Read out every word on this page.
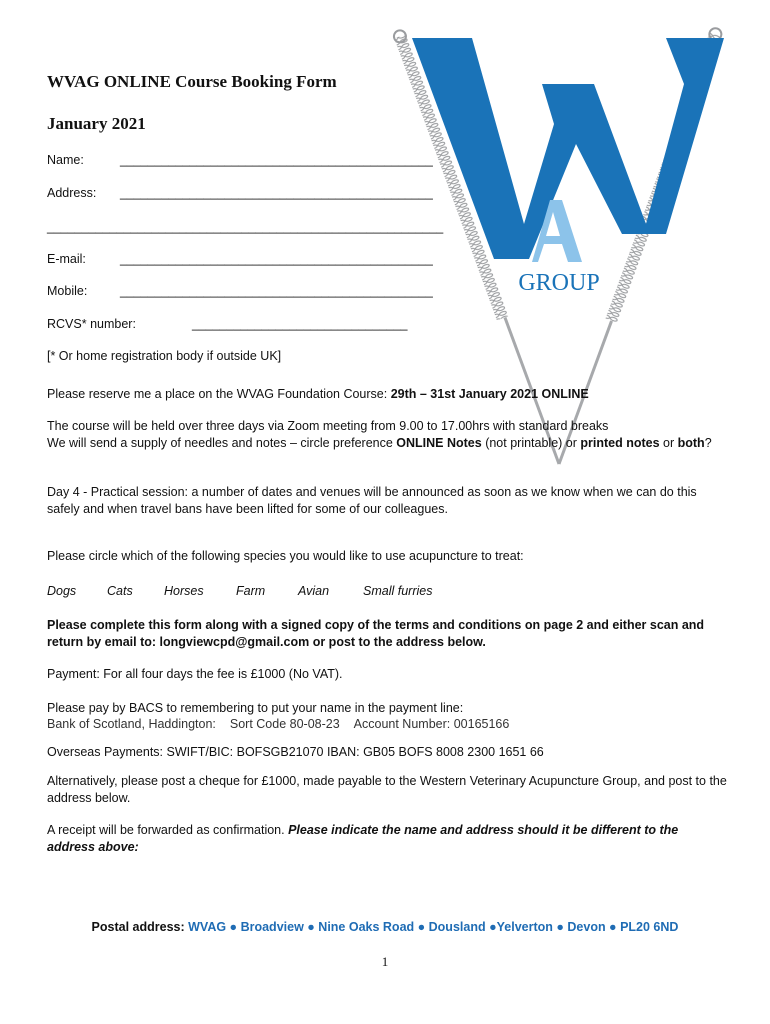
GROUP
WVAG ONLINE Course Booking Form
January 2021
Name:	_____________________________________________
Address: _____________________________________________
_________________________________________________________
E-mail:	_____________________________________________
Mobile:	_____________________________________________
RCVS* number:	_______________________________
[* Or home registration body if outside UK]
Please reserve me a place on the WVAG Foundation Course: 29th – 31st January 2021 ONLINE
The course will be held over three days via Zoom meeting from 9.00 to 17.00hrs with standard breaks
We will send a supply of needles and notes – circle preference ONLINE Notes (not printable) or printed notes or both?
Day 4 - Practical session: a number of dates and venues will be announced as soon as we know when we can do this safely and when travel bans have been lifted for some of our colleagues.
Please circle which of the following species you would like to use acupuncture to treat:
Dogs Cats	Horses	Farm	Avian	Small furries
Please complete this form along with a signed copy of the terms and conditions on page 2 and either scan and return by email to: longviewcpd@gmail.com or post to the address below.
Payment: For all four days the fee is £1000 (No VAT).
Please pay by BACS to remembering to put your name in the payment line:
Bank of Scotland, Haddington: Sort Code 80-08-23 Account Number: 00165166
Overseas Payments: SWIFT/BIC: BOFSGB21070 IBAN: GB05 BOFS 8008 2300 1651 66
Alternatively, please post a cheque for £1000, made payable to the Western Veterinary Acupuncture Group, and post to the address below.
A receipt will be forwarded as confirmation. Please indicate the name and address should it be different to the address above:
Postal address: WVAG ● Broadview ● Nine Oaks Road ● Dousland ●Yelverton ● Devon ● PL20 6ND
1
